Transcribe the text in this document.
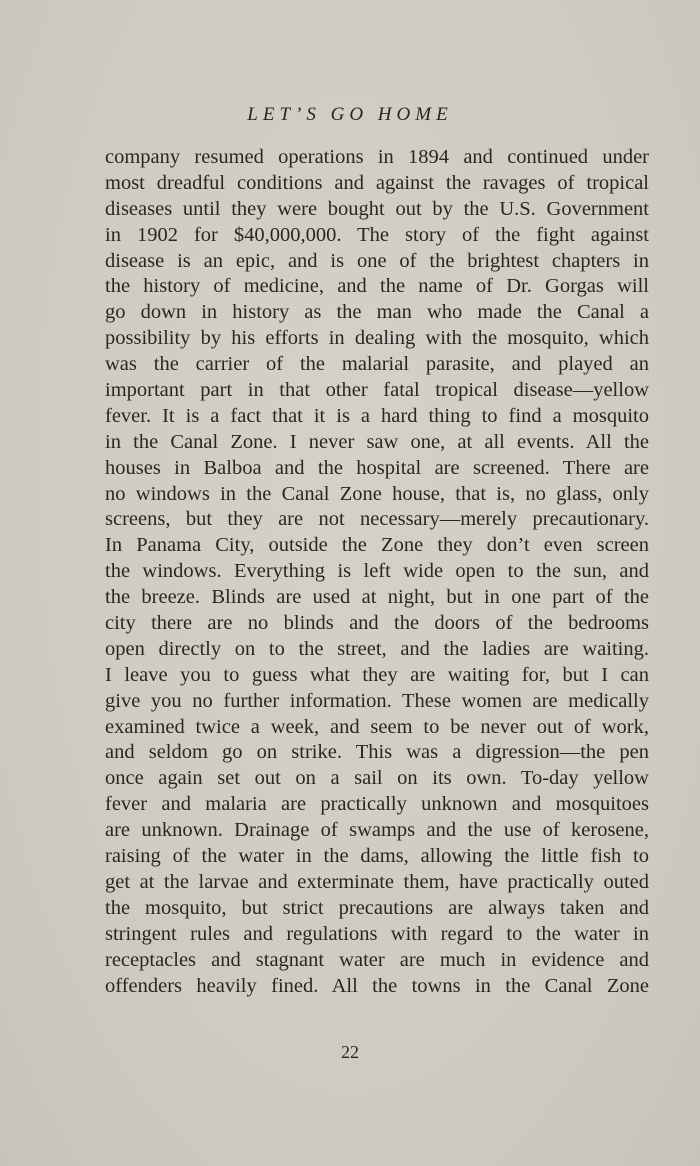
LET’S GO HOME
company resumed operations in 1894 and continued under
most dreadful conditions and against the ravages of tropical
diseases until they were bought out by the U.S. Government
in 1902 for $40,000,000. The story of the fight against
disease is an epic, and is one of the brightest chapters in
the history of medicine, and the name of Dr. Gorgas will
go down in history as the man who made the Canal a
possibility by his efforts in dealing with the mosquito, which
was the carrier of the malarial parasite, and played an
important part in that other fatal tropical disease—yellow
fever. It is a fact that it is a hard thing to find a mosquito
in the Canal Zone. I never saw one, at all events. All the
houses in Balboa and the hospital are screened. There are
no windows in the Canal Zone house, that is, no glass, only
screens, but they are not necessary—merely precautionary.
In Panama City, outside the Zone they don’t even screen
the windows. Everything is left wide open to the sun, and
the breeze. Blinds are used at night, but in one part of the
city there are no blinds and the doors of the bedrooms
open directly on to the street, and the ladies are waiting.
I leave you to guess what they are waiting for, but I can
give you no further information. These women are medically
examined twice a week, and seem to be never out of work,
and seldom go on strike. This was a digression—the pen
once again set out on a sail on its own. To-day yellow
fever and malaria are practically unknown and mosquitoes
are unknown. Drainage of swamps and the use of kerosene,
raising of the water in the dams, allowing the little fish to
get at the larvae and exterminate them, have practically outed
the mosquito, but strict precautions are always taken and
stringent rules and regulations with regard to the water in
receptacles and stagnant water are much in evidence and
offenders heavily fined. All the towns in the Canal Zone
22
